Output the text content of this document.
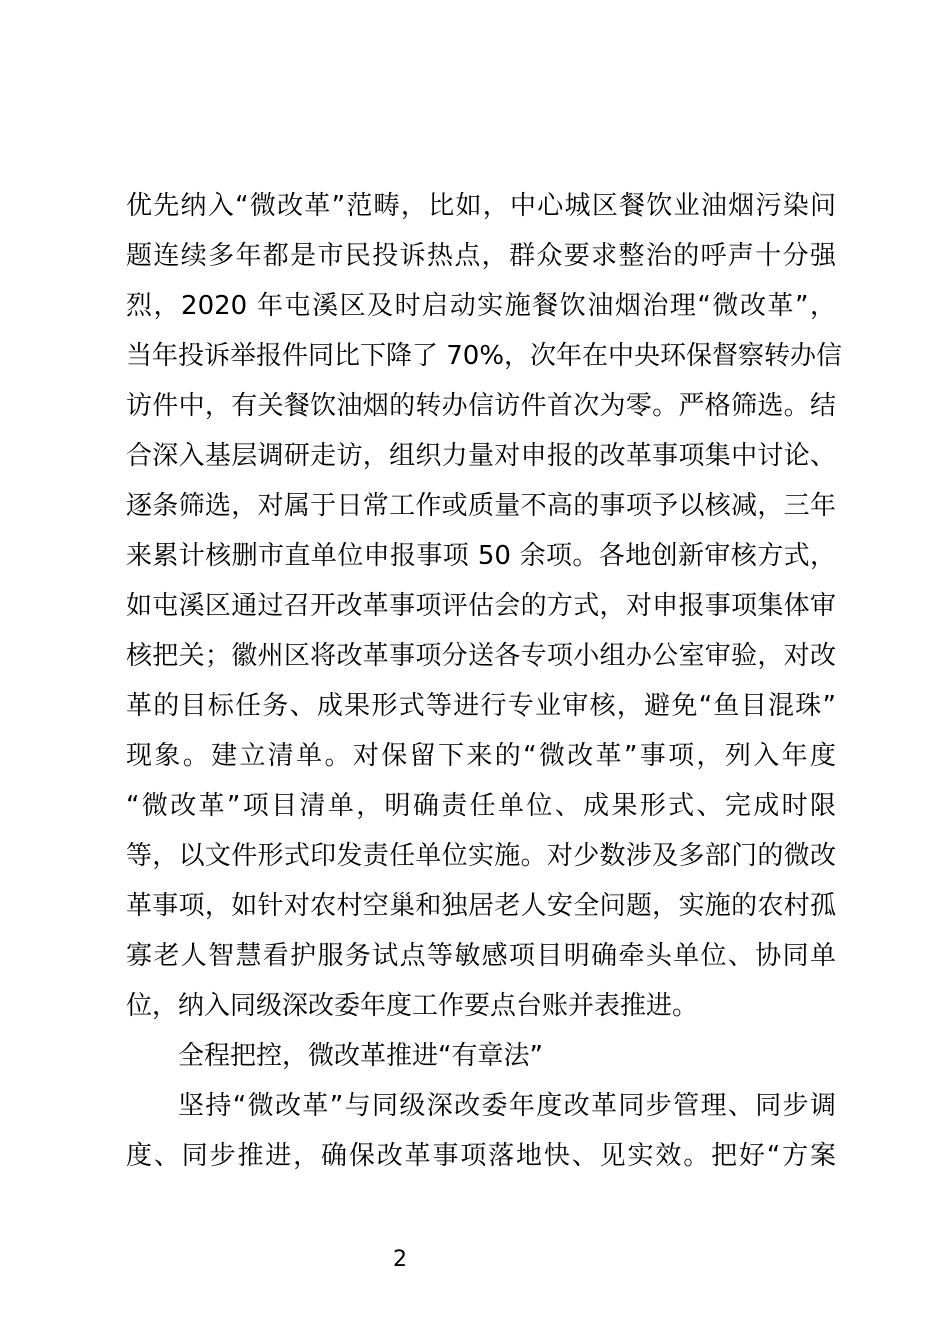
优先纳入“微改革”范畴，比如，中心城区餐饮业油烟污染问
题连续多年都是市民投诉热点，群众要求整治的呼声十分强
烈，2020 年屯溪区及时启动实施餐饮油烟治理“微改革”，
当年投诉举报件同比下降了 70%，次年在中央环保督察转办信
访件中，有关餐饮油烟的转办信访件首次为零。严格筛选。结
合深入基层调研走访，组织力量对申报的改革事项集中讨论、
逐条筛选，对属于日常工作或质量不高的事项予以核减，三年
来累计核删市直单位申报事项 50 余项。各地创新审核方式，
如屯溪区通过召开改革事项评估会的方式，对申报事项集体审
核把关；徽州区将改革事项分送各专项小组办公室审验，对改
革的目标任务、成果形式等进行专业审核，避免“鱼目混珠”
现象。建立清单。对保留下来的“微改革”事项，列入年度
“微改革”项目清单，明确责任单位、成果形式、完成时限
等，以文件形式印发责任单位实施。对少数涉及多部门的微改
革事项，如针对农村空巢和独居老人安全问题，实施的农村孤
寡老人智慧看护服务试点等敏感项目明确牵头单位、协同单
位，纳入同级深改委年度工作要点台账并表推进。
全程把控，微改革推进“有章法”
坚持“微改革”与同级深改委年度改革同步管理、同步调
度、同步推进，确保改革事项落地快、见实效。把好“方案
2
